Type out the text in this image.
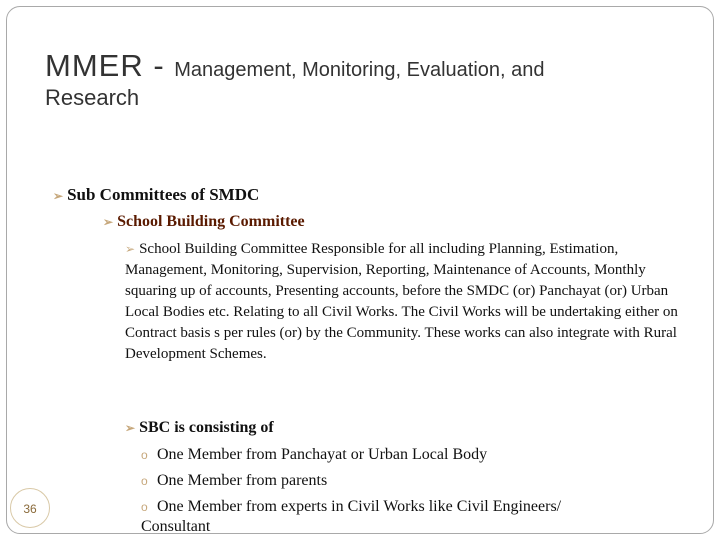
MMER - Management, Monitoring, Evaluation, and
Research
➢ Sub Committees of SMDC
➢ School Building Committee
➢ School Building Committee Responsible for all including Planning, Estimation, Management, Monitoring, Supervision, Reporting, Maintenance of Accounts, Monthly squaring up of accounts, Presenting accounts, before the SMDC (or) Panchayat (or) Urban Local Bodies etc. Relating to all Civil Works. The Civil Works will be undertaking either on Contract basis s per rules (or) by the Community. These works can also integrate with Rural Development Schemes.
➢ SBC is consisting of
o One Member from Panchayat or Urban Local Body
o One Member from parents
o One Member from experts in Civil Works like Civil Engineers/
Consultant
36
